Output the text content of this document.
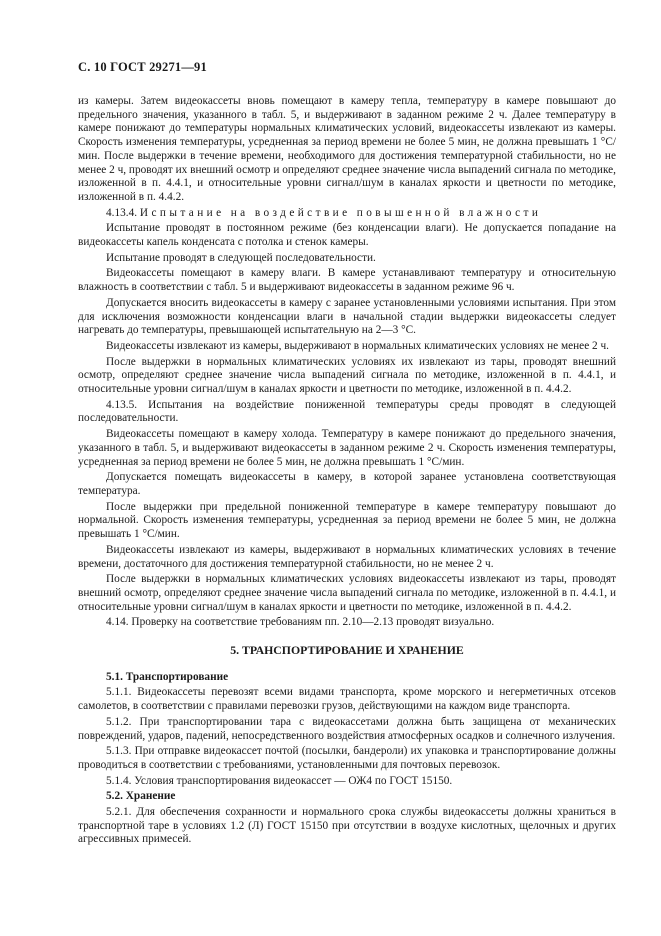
С. 10 ГОСТ 29271—91

из камеры. Затем видеокассеты вновь помещают в камеру тепла, температуру в камере повышают до предельного значения, указанного в табл. 5, и выдерживают в заданном режиме 2 ч. Далее температуру в камере понижают до температуры нормальных климатических условий, видеокассеты извлекают из камеры. Скорость изменения температуры, усредненная за период времени не более 5 мин, не должна превышать 1 °С/мин. После выдержки в течение времени, необходимого для достижения температурной стабильности, но не менее 2 ч, проводят их внешний осмотр и определяют среднее значение числа выпадений сигнала по методике, изложенной в п. 4.4.1, и относительные уровни сигнал/шум в каналах яркости и цветности по методике, изложенной в п. 4.4.2.

4.13.4. Испытание на воздействие повышенной влажности

Испытание проводят в постоянном режиме (без конденсации влаги). Не допускается попадание на видеокассеты капель конденсата с потолка и стенок камеры.

Испытание проводят в следующей последовательности.

Видеокассеты помещают в камеру влаги. В камере устанавливают температуру и относительную влажность в соответствии с табл. 5 и выдерживают видеокассеты в заданном режиме 96 ч.

Допускается вносить видеокассеты в камеру с заранее установленными условиями испытания. При этом для исключения возможности конденсации влаги в начальной стадии выдержки видеокассеты следует нагревать до температуры, превышающей испытательную на 2—3 °С.

Видеокассеты извлекают из камеры, выдерживают в нормальных климатических условиях не менее 2 ч.

После выдержки в нормальных климатических условиях их извлекают из тары, проводят внешний осмотр, определяют среднее значение числа выпадений сигнала по методике, изложенной в п. 4.4.1, и относительные уровни сигнал/шум в каналах яркости и цветности по методике, изложенной в п. 4.4.2.

4.13.5. Испытания на воздействие пониженной температуры среды проводят в следующей последовательности.

Видеокассеты помещают в камеру холода. Температуру в камере понижают до предельного значения, указанного в табл. 5, и выдерживают видеокассеты в заданном режиме 2 ч. Скорость изменения температуры, усредненная за период времени не более 5 мин, не должна превышать 1 °С/мин.

Допускается помещать видеокассеты в камеру, в которой заранее установлена соответствующая температура.

После выдержки при предельной пониженной температуре в камере температуру повышают до нормальной. Скорость изменения температуры, усредненная за период времени не более 5 мин, не должна превышать 1 °С/мин.

Видеокассеты извлекают из камеры, выдерживают в нормальных климатических условиях в течение времени, достаточного для достижения температурной стабильности, но не менее 2 ч.

После выдержки в нормальных климатических условиях видеокассеты извлекают из тары, проводят внешний осмотр, определяют среднее значение числа выпадений сигнала по методике, изложенной в п. 4.4.1, и относительные уровни сигнал/шум в каналах яркости и цветности по методике, изложенной в п. 4.4.2.

4.14. Проверку на соответствие требованиям пп. 2.10—2.13 проводят визуально.

5. ТРАНСПОРТИРОВАНИЕ И ХРАНЕНИЕ

5.1. Транспортирование

5.1.1. Видеокассеты перевозят всеми видами транспорта, кроме морского и негерметичных отсеков самолетов, в соответствии с правилами перевозки грузов, действующими на каждом виде транспорта.

5.1.2. При транспортировании тара с видеокассетами должна быть защищена от механических повреждений, ударов, падений, непосредственного воздействия атмосферных осадков и солнечного излучения.

5.1.3. При отправке видеокассет почтой (посылки, бандероли) их упаковка и транспортирование должны проводиться в соответствии с требованиями, установленными для почтовых перевозок.

5.1.4. Условия транспортирования видеокассет — ОЖ4 по ГОСТ 15150.

5.2. Хранение

5.2.1. Для обеспечения сохранности и нормального срока службы видеокассеты должны храниться в транспортной таре в условиях 1.2 (Л) ГОСТ 15150 при отсутствии в воздухе кислотных, щелочных и других агрессивных примесей.
